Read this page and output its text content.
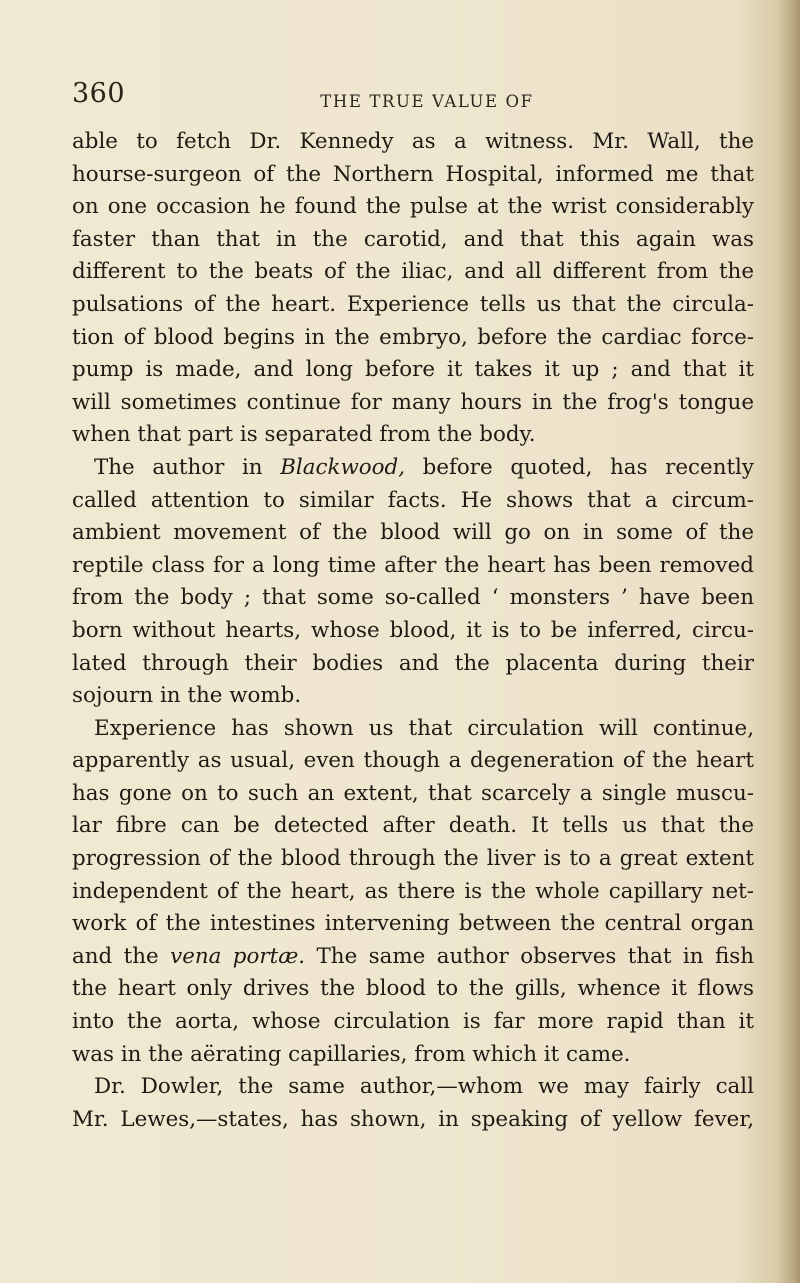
360	THE TRUE VALUE OF
able to fetch Dr. Kennedy as a witness. Mr. Wall, the
hourse-surgeon of the Northern Hospital, informed me that
on one occasion he found the pulse at the wrist considerably
faster than that in the carotid, and that this again was
different to the beats of the iliac, and all different from the
pulsations of the heart. Experience tells us that the circula-
tion of blood begins in the embryo, before the cardiac force-
pump is made, and long before it takes it up ; and that it
will sometimes continue for many hours in the frog's tongue
when that part is separated from the body.
The author in Blackwood, before quoted, has recently
called attention to similar facts. He shows that a circum-
ambient movement of the blood will go on in some of the
reptile class for a long time after the heart has been removed
from the body ; that some so-called ‘ monsters ’ have been
born without hearts, whose blood, it is to be inferred, circu-
lated through their bodies and the placenta during their
sojourn in the womb.
Experience has shown us that circulation will continue,
apparently as usual, even though a degeneration of the heart
has gone on to such an extent, that scarcely a single muscu-
lar fibre can be detected after death. It tells us that the
progression of the blood through the liver is to a great extent
independent of the heart, as there is the whole capillary net-
work of the intestines intervening between the central organ
and the vena portæ. The same author observes that in fish
the heart only drives the blood to the gills, whence it flows
into the aorta, whose circulation is far more rapid than it
was in the aërating capillaries, from which it came.
Dr. Dowler, the same author,—whom we may fairly call
Mr. Lewes,—states, has shown, in speaking of yellow fever,
